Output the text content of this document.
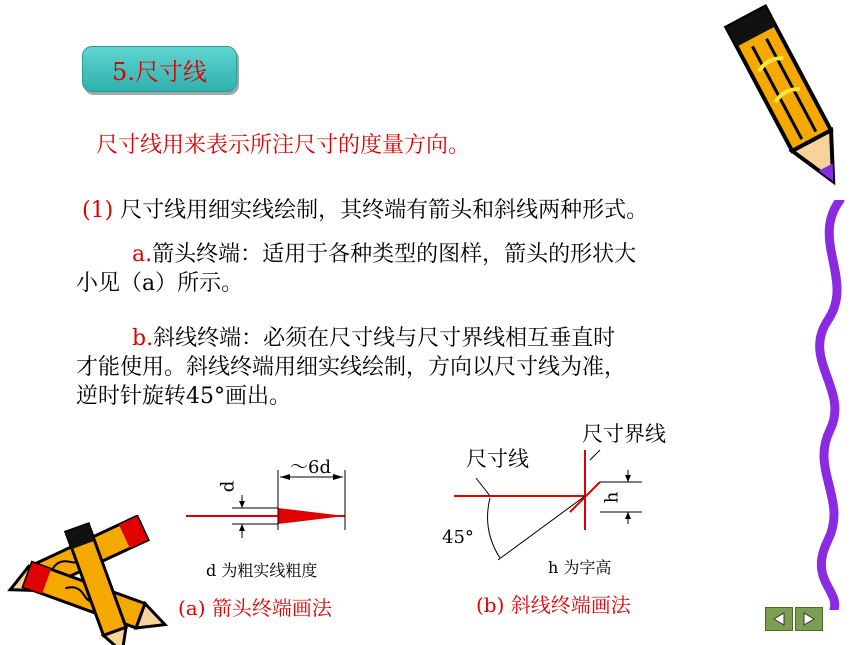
5.尺寸线
尺寸线用来表示所注尺寸的度量方向。
(1) 尺寸线用细实线绘制，其终端有箭头和斜线两种形式。
a.箭头终端：适用于各种类型的图样，箭头的形状大
小见（a）所示。
b.斜线终端：必须在尺寸线与尺寸界线相互垂直时
才能使用。斜线终端用细实线绘制，方向以尺寸线为准，
逆时针旋转45°画出。
～6d
d
d 为粗实线粗度
(a) 箭头终端画法
尺寸界线
尺寸线
45°
h
h 为字高
(b) 斜线终端画法
